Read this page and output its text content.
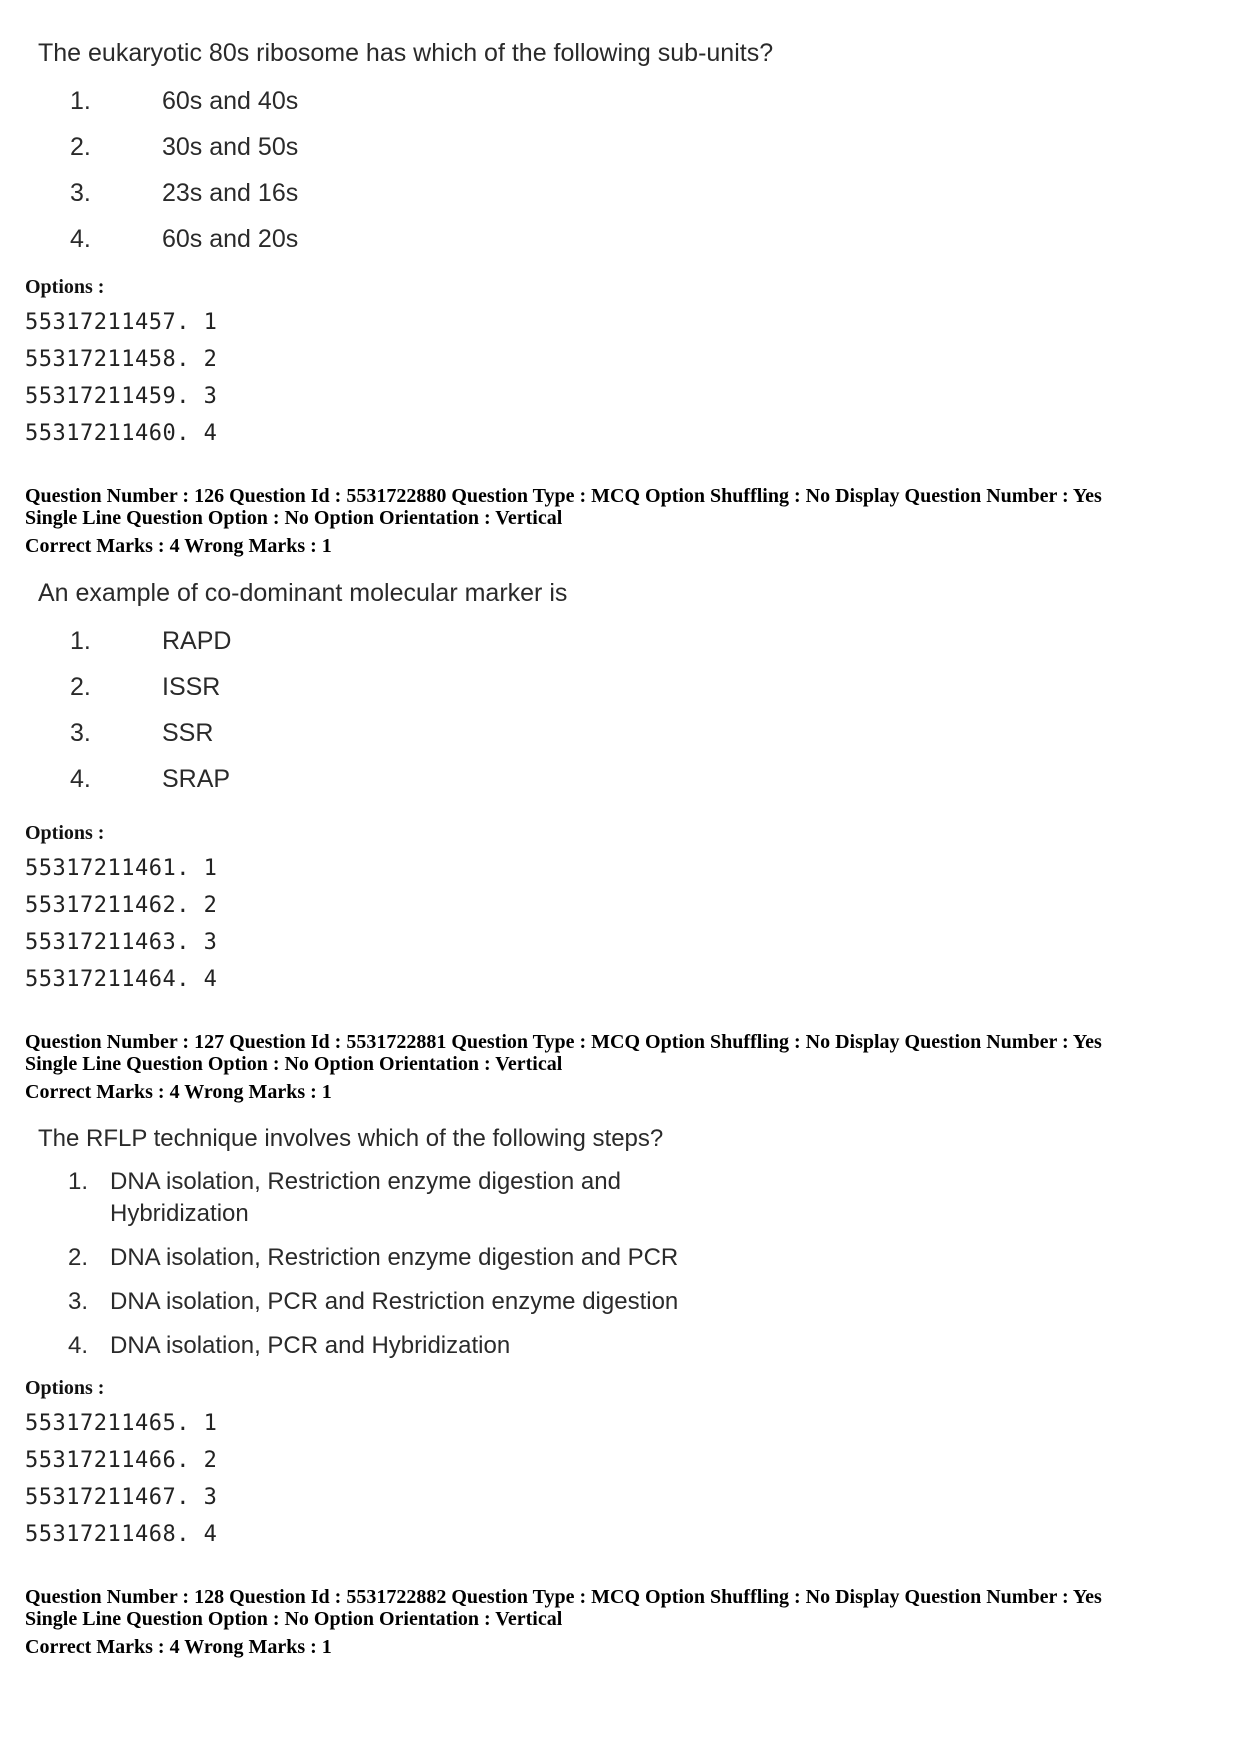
The eukaryotic 80s ribosome has which of the following sub-units?

1.	60s and 40s
2.	30s and 50s
3.	23s and 16s
4.	60s and 20s
Options :
55317211457. 1
55317211458. 2
55317211459. 3
55317211460. 4
Question Number : 126 Question Id : 5531722880 Question Type : MCQ Option Shuffling : No Display Question Number : Yes
Single Line Question Option : No Option Orientation : Vertical
Correct Marks : 4 Wrong Marks : 1

An example of co-dominant molecular marker is

1.	RAPD
2.	ISSR
3.	SSR
4.	SRAP
Options :
55317211461. 1
55317211462. 2
55317211463. 3
55317211464. 4
Question Number : 127 Question Id : 5531722881 Question Type : MCQ Option Shuffling : No Display Question Number : Yes
Single Line Question Option : No Option Orientation : Vertical
Correct Marks : 4 Wrong Marks : 1

The RFLP technique involves which of the following steps?

1. DNA isolation, Restriction enzyme digestion and Hybridization
2. DNA isolation, Restriction enzyme digestion and PCR
3. DNA isolation, PCR and Restriction enzyme digestion
4. DNA isolation, PCR and Hybridization
Options :
55317211465. 1
55317211466. 2
55317211467. 3
55317211468. 4
Question Number : 128 Question Id : 5531722882 Question Type : MCQ Option Shuffling : No Display Question Number : Yes
Single Line Question Option : No Option Orientation : Vertical
Correct Marks : 4 Wrong Marks : 1
